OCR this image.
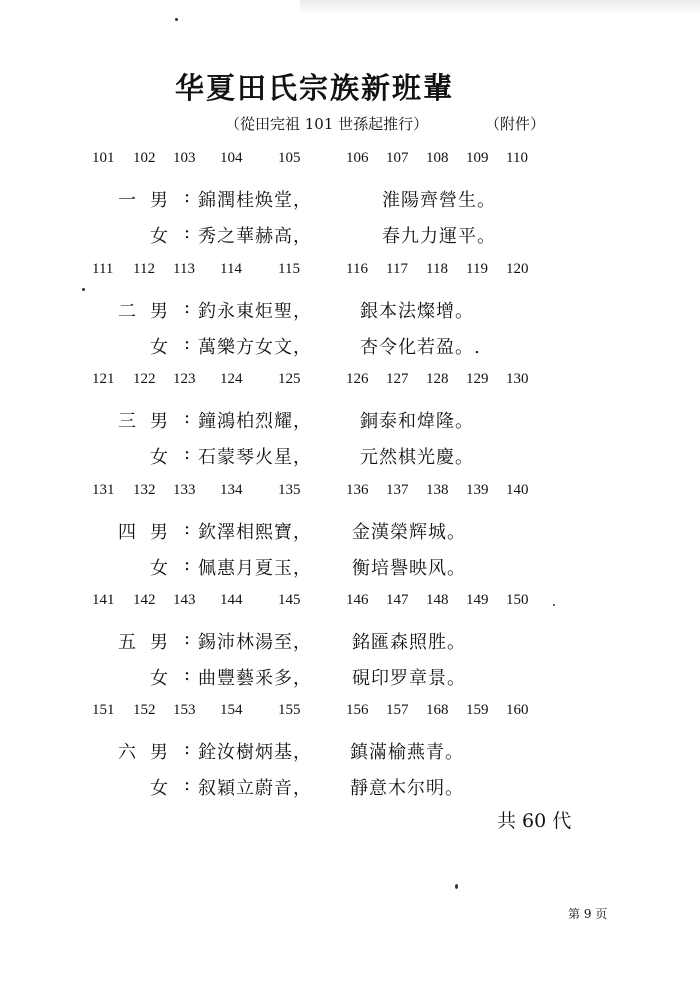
华夏田氏宗族新班輩
（從田完祖 101 世孫起推行）	（附件）
101 102 103 104 105	106 107 108 109 110
一 男 : 錦潤桂焕堂，	淮陽齊營生。
女 : 秀之華赫高，	春九力運平。
111 112 113 114 115	116 117 118 119 120
二 男 : 釣永東炬聖，	銀本法燦增。
女 : 萬樂方女文，	杏令化若盈。.
121 122 123 124 125	126 127 128 129 130
三 男 : 鐘鴻柏烈耀，	銅泰和煒隆。
女 : 石蒙琴火星，	元然棋光慶。
131 132 133 134 135	136 137 138 139 140
四 男 : 欽澤相熙寶， 金漢榮辉城。
女 : 佩惠月夏玉， 衡培譽映风。
141 142 143 144 145	146 147 148 149 150
五 男 : 錫沛林湯至， 銘匯森照胜。
女 : 曲豐藝釆多， 硯印罗章景。
151 152 153 154 155	156 157 168 159 160
六 男 : 銓汝樹炳基， 鎮滿榆燕青。
女 : 叙穎立蔚音， 靜意木尔明。
共 60 代
第 9 页
